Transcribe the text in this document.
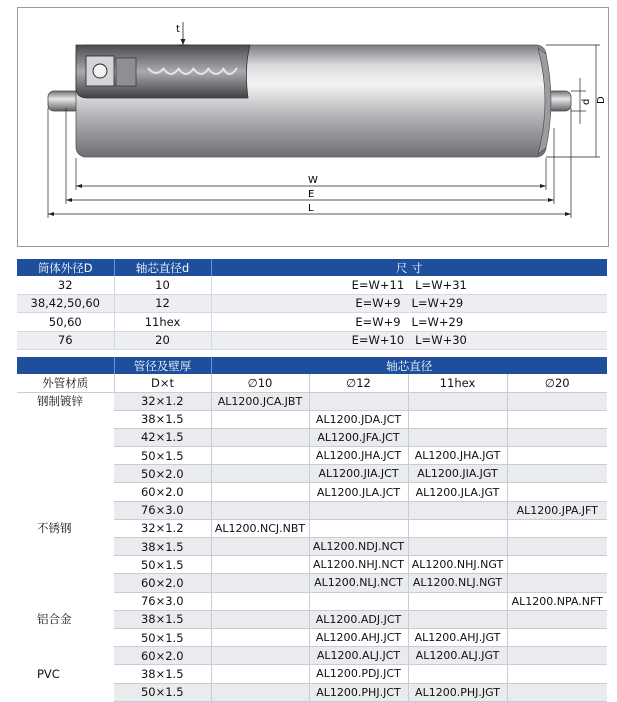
t
d D
W
E
L
筒体外径D	轴芯直径d	尺 寸
32	10	E=W+11   L=W+31
38,42,50,60	12	E=W+9   L=W+29
50,60	11hex	E=W+9   L=W+29
76	20	E=W+10   L=W+30
	管径及壁厚	轴芯直径			
外管材质	D×t	∅10	∅12	11hex	∅20
钢制镀锌	32×1.2	AL1200.JCA.JBT			
	38×1.5		AL1200.JDA.JCT		
	42×1.5		AL1200.JFA.JCT		
	50×1.5		AL1200.JHA.JCT	AL1200.JHA.JGT	
	50×2.0		AL1200.JIA.JCT	AL1200.JIA.JGT	
	60×2.0		AL1200.JLA.JCT	AL1200.JLA.JGT	
	76×3.0				AL1200.JPA.JFT
不锈钢	32×1.2	AL1200.NCJ.NBT			
	38×1.5		AL1200.NDJ.NCT		
	50×1.5		AL1200.NHJ.NCT	AL1200.NHJ.NGT	
	60×2.0		AL1200.NLJ.NCT	AL1200.NLJ.NGT	
	76×3.0				AL1200.NPA.NFT
铝合金	38×1.5		AL1200.ADJ.JCT		
	50×1.5		AL1200.AHJ.JCT	AL1200.AHJ.JGT	
	60×2.0		AL1200.ALJ.JCT	AL1200.ALJ.JGT	
PVC	38×1.5		AL1200.PDJ.JCT		
	50×1.5		AL1200.PHJ.JCT	AL1200.PHJ.JGT	
